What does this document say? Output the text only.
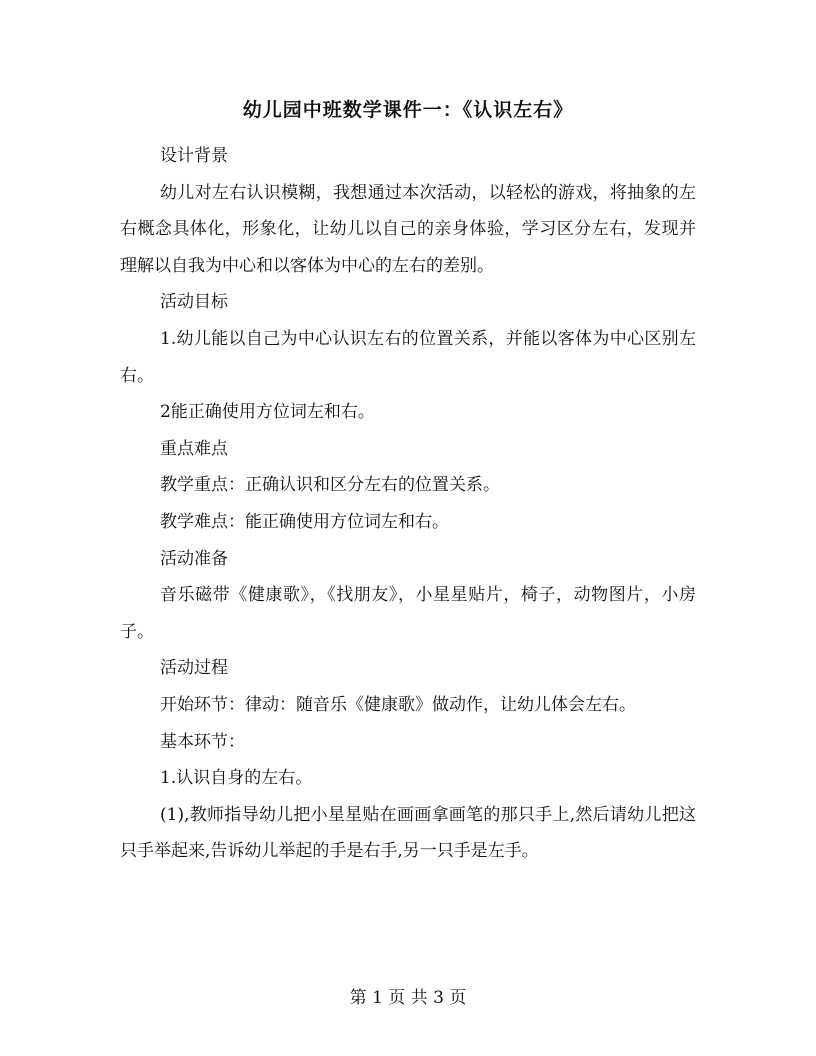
幼儿园中班数学课件一：《认识左右》

设计背景

幼儿对左右认识模糊，我想通过本次活动，以轻松的游戏，将抽象的左右概念具体化，形象化，让幼儿以自己的亲身体验，学习区分左右，发现并理解以自我为中心和以客体为中心的左右的差别。

活动目标

1.幼儿能以自己为中心认识左右的位置关系，并能以客体为中心区别左右。

2能正确使用方位词左和右。

重点难点

教学重点：正确认识和区分左右的位置关系。

教学难点：能正确使用方位词左和右。

活动准备

音乐磁带《健康歌》，《找朋友》，小星星贴片，椅子，动物图片，小房子。

活动过程

开始环节：律动：随音乐《健康歌》做动作，让幼儿体会左右。

基本环节：

1.认识自身的左右。

(1),教师指导幼儿把小星星贴在画画拿画笔的那只手上,然后请幼儿把这只手举起来,告诉幼儿举起的手是右手,另一只手是左手。

第 1 页 共 3 页
